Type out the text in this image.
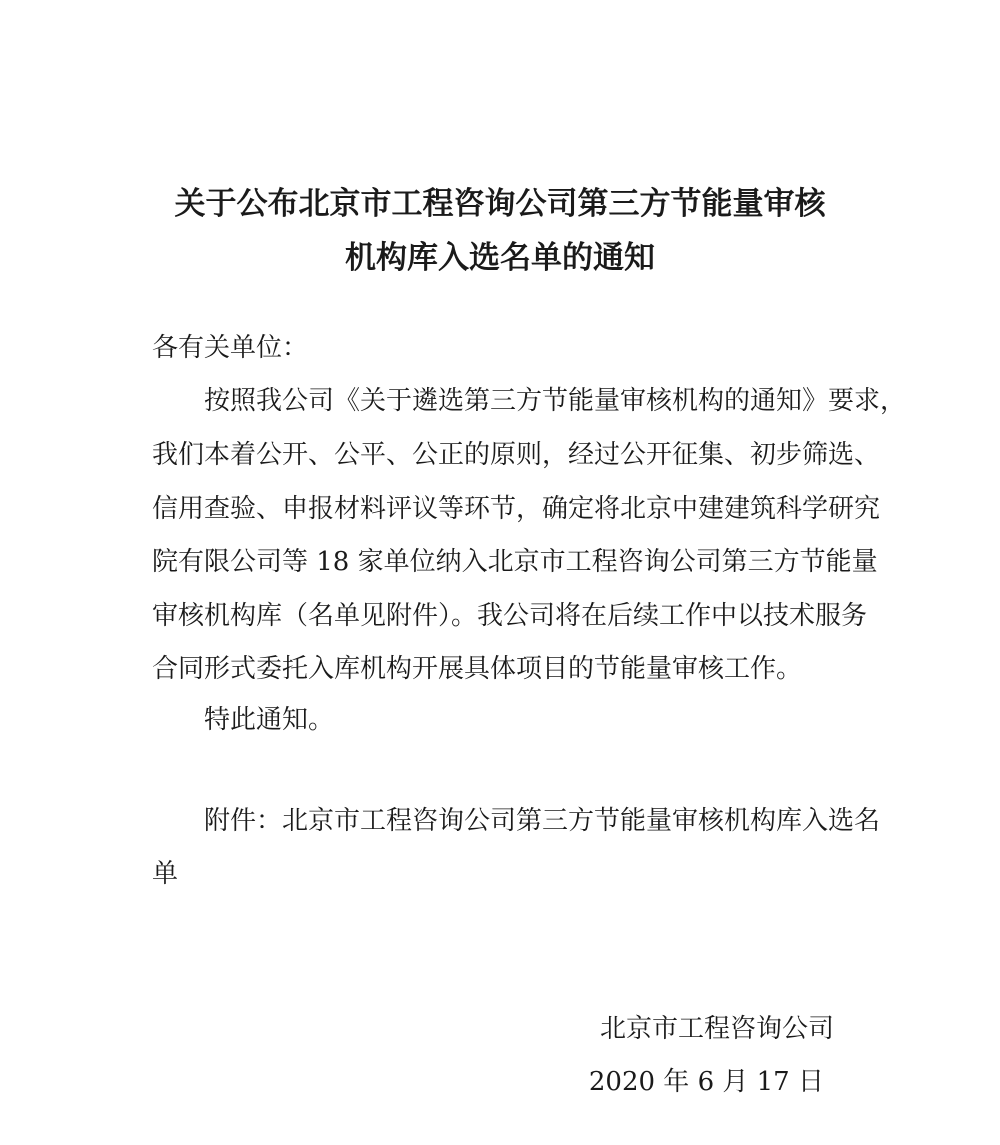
关于公布北京市工程咨询公司第三方节能量审核
机构库入选名单的通知
各有关单位：
按照我公司《关于遴选第三方节能量审核机构的通知》要求，
我们本着公开、公平、公正的原则，经过公开征集、初步筛选、
信用查验、申报材料评议等环节，确定将北京中建建筑科学研究
院有限公司等 18 家单位纳入北京市工程咨询公司第三方节能量
审核机构库（名单见附件）。我公司将在后续工作中以技术服务
合同形式委托入库机构开展具体项目的节能量审核工作。
特此通知。
附件：北京市工程咨询公司第三方节能量审核机构库入选名
单
北京市工程咨询公司
2020 年 6 月 17 日
